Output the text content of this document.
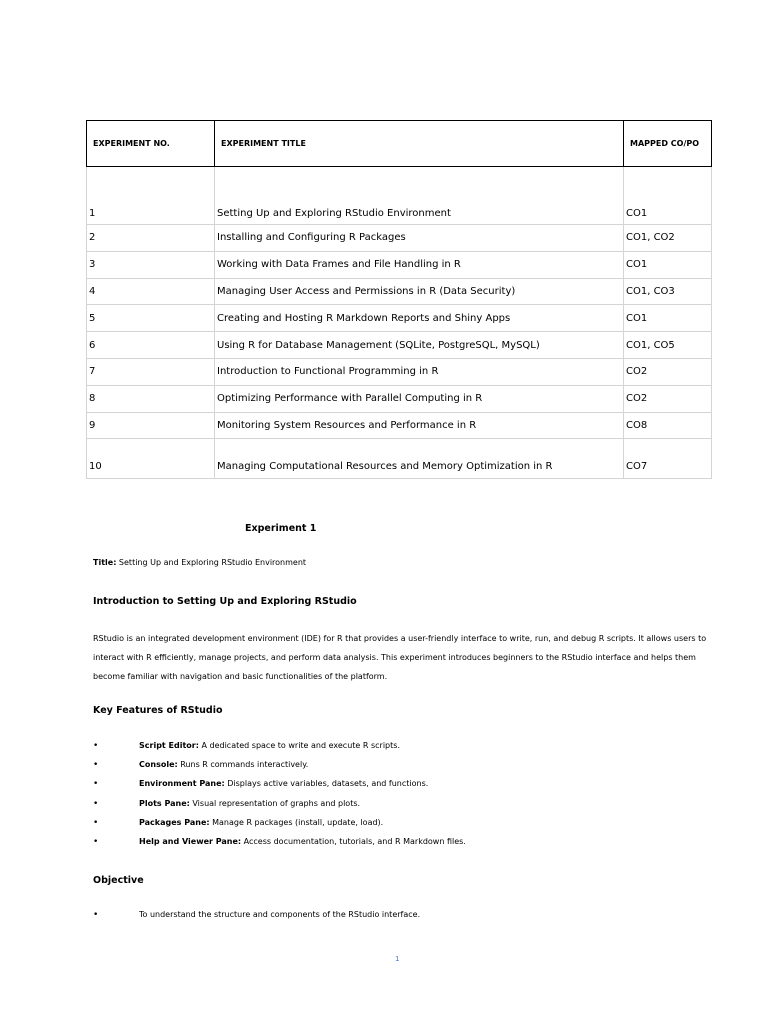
EXPERIMENT NO.	EXPERIMENT TITLE	MAPPED CO/PO
1	Setting Up and Exploring RStudio Environment	CO1
2	Installing and Configuring R Packages	CO1, CO2
3	Working with Data Frames and File Handling in R	CO1
4	Managing User Access and Permissions in R (Data Security)	CO1, CO3
5	Creating and Hosting R Markdown Reports and Shiny Apps	CO1
6	Using R for Database Management (SQLite, PostgreSQL, MySQL)	CO1, CO5
7	Introduction to Functional Programming in R	CO2
8	Optimizing Performance with Parallel Computing in R	CO2
9	Monitoring System Resources and Performance in R	CO8
10	Managing Computational Resources and Memory Optimization in R	CO7
Experiment 1
Title: Setting Up and Exploring RStudio Environment
Introduction to Setting Up and Exploring RStudio
RStudio is an integrated development environment (IDE) for R that provides a user-friendly interface to write, run, and debug R scripts. It allows users to interact with R efficiently, manage projects, and perform data analysis. This experiment introduces beginners to the RStudio interface and helps them become familiar with navigation and basic functionalities of the platform.
Key Features of RStudio
•	Script Editor: A dedicated space to write and execute R scripts.
•	Console: Runs R commands interactively.
•	Environment Pane: Displays active variables, datasets, and functions.
•	Plots Pane: Visual representation of graphs and plots.
•	Packages Pane: Manage R packages (install, update, load).
•	Help and Viewer Pane: Access documentation, tutorials, and R Markdown files.
Objective
•	To understand the structure and components of the RStudio interface.
1
